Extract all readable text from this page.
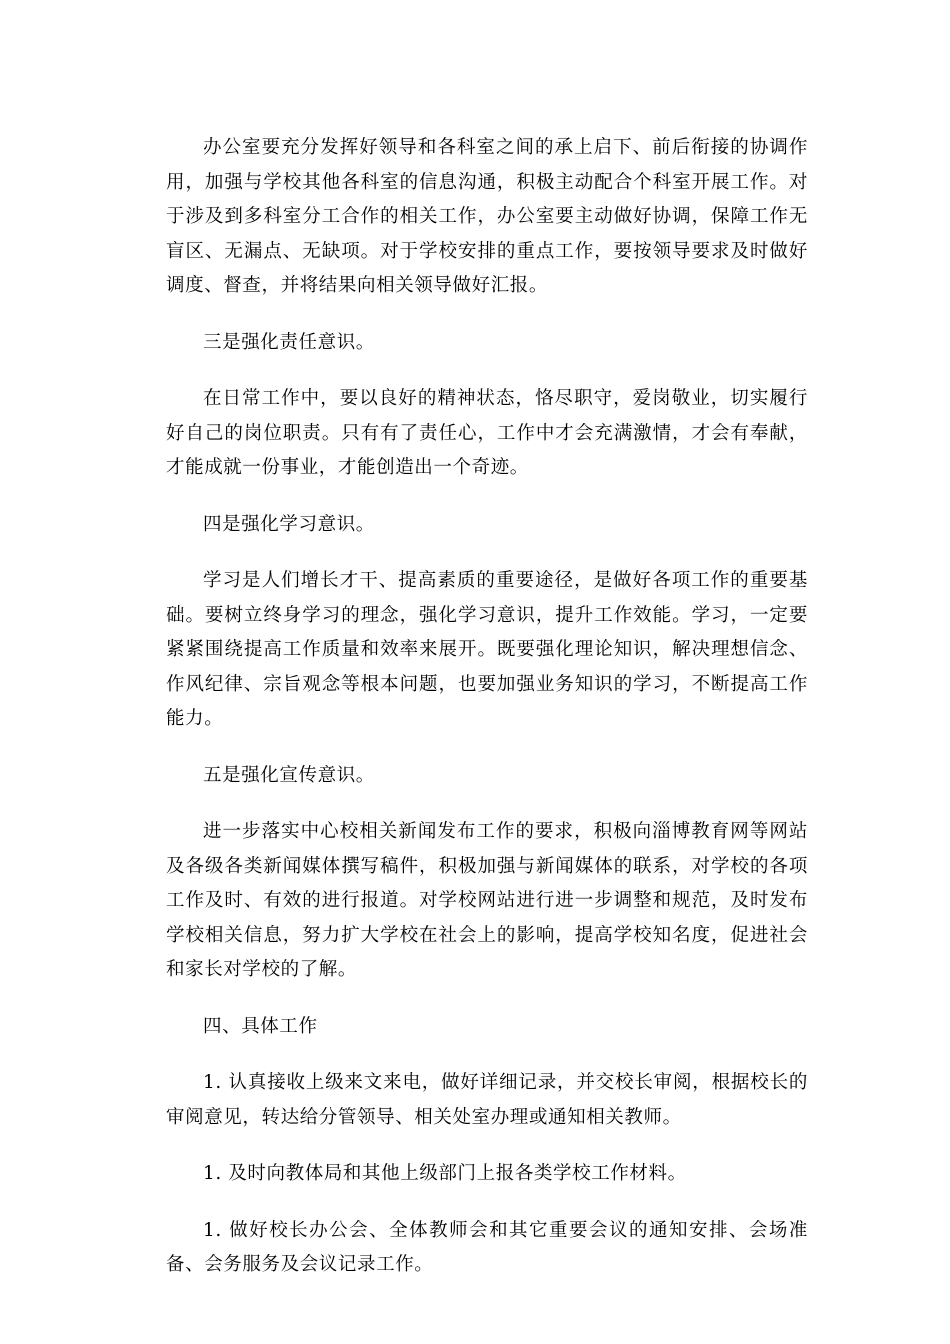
办公室要充分发挥好领导和各科室之间的承上启下、前后衔接的协调作用，加强与学校其他各科室的信息沟通，积极主动配合个科室开展工作。对于涉及到多科室分工合作的相关工作，办公室要主动做好协调，保障工作无盲区、无漏点、无缺项。对于学校安排的重点工作，要按领导要求及时做好调度、督查，并将结果向相关领导做好汇报。

三是强化责任意识。

在日常工作中，要以良好的精神状态，恪尽职守，爱岗敬业，切实履行好自己的岗位职责。只有有了责任心，工作中才会充满激情，才会有奉献，才能成就一份事业，才能创造出一个奇迹。

四是强化学习意识。

学习是人们增长才干、提高素质的重要途径，是做好各项工作的重要基础。要树立终身学习的理念，强化学习意识，提升工作效能。学习，一定要紧紧围绕提高工作质量和效率来展开。既要强化理论知识，解决理想信念、作风纪律、宗旨观念等根本问题，也要加强业务知识的学习，不断提高工作能力。

五是强化宣传意识。

进一步落实中心校相关新闻发布工作的要求，积极向淄博教育网等网站及各级各类新闻媒体撰写稿件，积极加强与新闻媒体的联系，对学校的各项工作及时、有效的进行报道。对学校网站进行进一步调整和规范，及时发布学校相关信息，努力扩大学校在社会上的影响，提高学校知名度，促进社会和家长对学校的了解。

四、具体工作

1. 认真接收上级来文来电，做好详细记录，并交校长审阅，根据校长的审阅意见，转达给分管领导、相关处室办理或通知相关教师。

1. 及时向教体局和其他上级部门上报各类学校工作材料。

1. 做好校长办公会、全体教师会和其它重要会议的通知安排、会场准备、会务服务及会议记录工作。
